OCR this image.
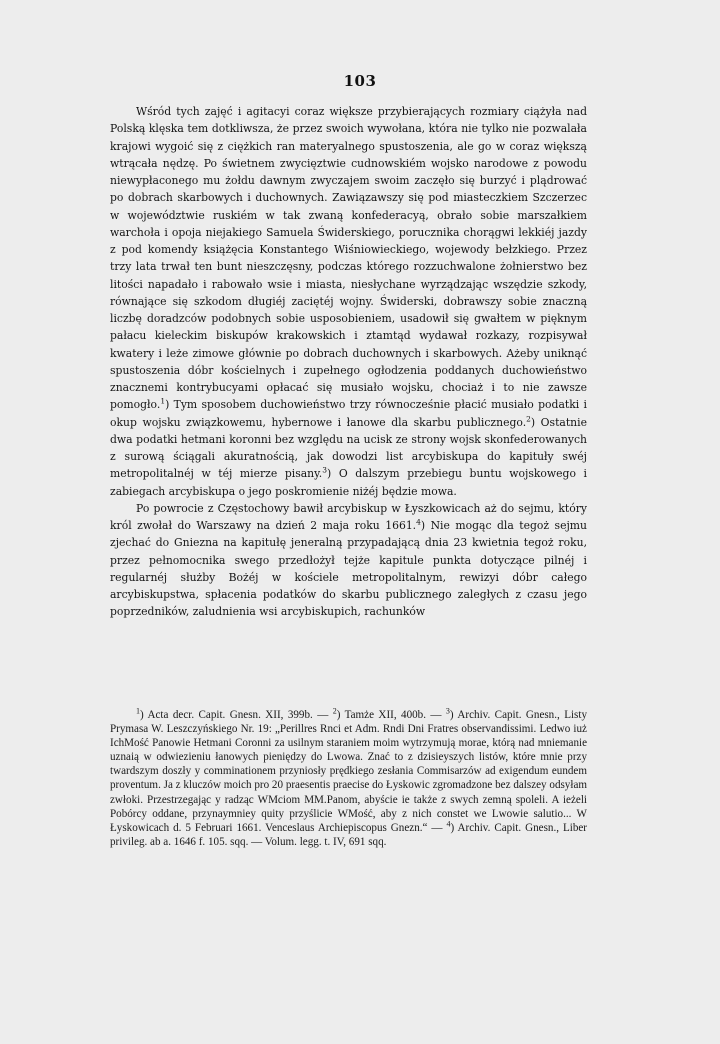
103

Wśród tych zajęć i agitacyi coraz większe przybierających rozmiary ciążyła nad Polską klęska tem dotkliwsza, że przez swoich wywołana, która nie tylko nie pozwalała krajowi wygoić się z ciężkich ran materyalnego spustoszenia, ale go w coraz większą wtrącała nędzę. Po świetnem zwycięztwie cudnowskiém wojsko narodowe z powodu niewypłaconego mu żołdu dawnym zwyczajem swoim zaczęło się burzyć i plądrować po dobrach skarbowych i duchownych. Zawiązawszy się pod miasteczkiem Szczerzec w województwie ruskiém w tak zwaną konfederacyą, obrało sobie marszałkiem warchoła i opoja niejakiego Samuela Świderskiego, porucznika chorągwi lekkiéj jazdy z pod komendy książęcia Konstantego Wiśniowieckiego, wojewody bełzkiego. Przez trzy lata trwał ten bunt nieszczęsny, podczas którego rozzuchwalone żołnierstwo bez litości napadało i rabowało wsie i miasta, niesłychane wyrządzając wszędzie szkody, równające się szkodom długiéj zaciętéj wojny. Świderski, dobrawszy sobie znaczną liczbę doradzców podobnych sobie usposobieniem, usadowił się gwałtem w pięknym pałacu kieleckim biskupów krakowskich i ztamtąd wydawał rozkazy, rozpisywał kwatery i leże zimowe głównie po dobrach duchownych i skarbowych. Ażeby uniknąć spustoszenia dóbr kościelnych i zupełnego ogłodzenia poddanych duchowieństwo znacznemi kontrybucyami opłacać się musiało wojsku, chociaż i to nie zawsze pomogło.$^1$) Tym sposobem duchowieństwo trzy równocześnie płacić musiało podatki i okup wojsku związkowemu, hybernowe i łanowe dla skarbu publicznego.$^2$) Ostatnie dwa podatki hetmani koronni bez względu na ucisk ze strony wojsk skonfederowanych z surową ściągali akuratnością, jak dowodzi list arcybiskupa do kapituły swéj metropolitalnéj w téj mierze pisany.$^3$) O dalszym przebiegu buntu wojskowego i zabiegach arcybiskupa o jego poskromienie niżéj będzie mowa.

Po powrocie z Częstochowy bawił arcybiskup w Łyszkowicach aż do sejmu, który król zwołał do Warszawy na dzień 2 maja roku 1661.$^4$) Nie mogąc dla tegoż sejmu zjechać do Gniezna na kapitułę jeneralną przypadającą dnia 23 kwietnia tegoż roku, przez pełnomocnika swego przedłożył tejże kapitule punkta dotyczące pilnéj i regularnéj służby Bożéj w kościele metropolitalnym, rewizyi dóbr całego arcybiskupstwa, spłacenia podatków do skarbu publicznego zaległych z czasu jego poprzedników, zaludnienia wsi arcybiskupich, rachunków

$^1$) Acta decr. Capit. Gnesn. XII, 399b. — $^2$) Tamże XII, 400b. — $^3$) Archiv. Capit. Gnesn., Listy Prymasa W. Leszczyńskiego Nr. 19: „Perillres Rnci et Adm. Rndi Dni Fratres observandissimi. Ledwo iuż IchMość Panowie Hetmani Coronni za usilnym staraniem moim wytrzymują morae, którą nad mniemanie uznaią w odwiezieniu łanowych pieniędzy do Lwowa. Znać to z dzisieyszych listów, które mnie przy twardszym doszły y comminationem przyniosły prędkiego zesłania Commisarzów ad exigendum eundem proventum. Ja z kluczów moich pro 20 praesentis praecise do Łyskowic zgromadzone bez dalszey odsyłam zwłoki. Przestrzegając y radząc WMciom MM.Panom, abyście ie także z swych zemną spoleli. A ieżeli Pobórcy oddane, przynaymniey quity przyślicie WMość, aby z nich constet we Lwowie salutio... W Łyskowicach d. 5 Februari 1661. Venceslaus Archiepiscopus Gnezn.“ — $^4$) Archiv. Capit. Gnesn., Liber privileg. ab a. 1646 f. 105. sqq. — Volum. legg. t. IV, 691 sqq.
